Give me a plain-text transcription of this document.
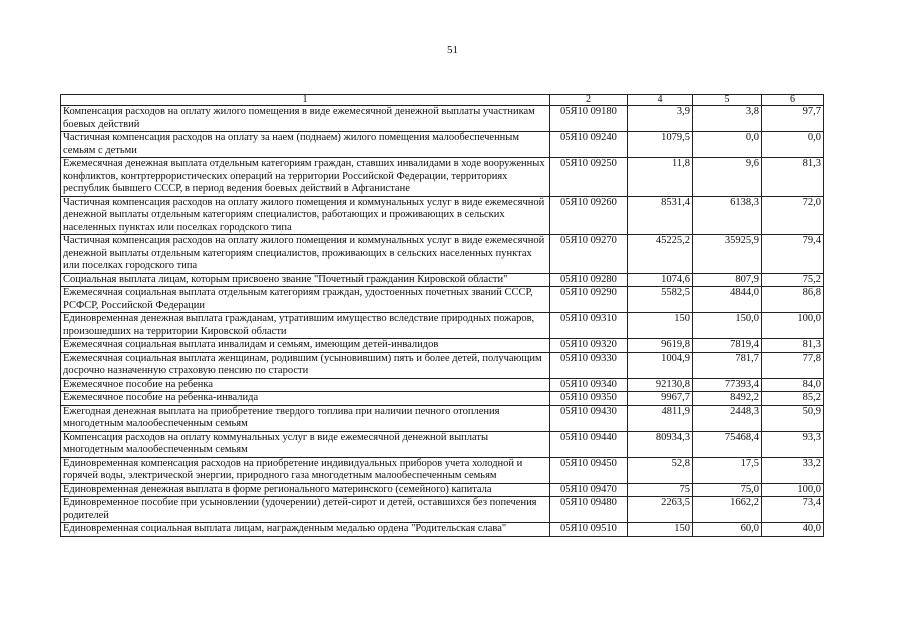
51
1	2	4	5	6
Компенсация расходов на оплату жилого помещения в виде ежемесячной денежной выплаты участникам боевых действий	05Я10 09180	3,9	3,8	97,7
Частичная компенсация расходов на оплату за наем (поднаем) жилого помещения малообеспеченным семьям с детьми	05Я10 09240	1079,5	0,0	0,0
Ежемесячная денежная выплата отдельным категориям граждан, ставших инвалидами в ходе вооруженных конфликтов, контртеррористических операций на территории Российской Федерации, территориях республик бывшего СССР, в период ведения боевых действий в Афганистане	05Я10 09250	11,8	9,6	81,3
Частичная компенсация расходов на оплату жилого помещения и коммунальных услуг в виде ежемесячной денежной выплаты отдельным категориям специалистов, работающих и проживающих в сельских населенных пунктах или поселках городского типа	05Я10 09260	8531,4	6138,3	72,0
Частичная компенсация расходов на оплату жилого помещения и коммунальных услуг в виде ежемесячной денежной выплаты отдельным категориям специалистов, проживающих в сельских населенных пунктах или поселках городского типа	05Я10 09270	45225,2	35925,9	79,4
Социальная выплата лицам, которым присвоено звание "Почетный гражданин Кировской области"	05Я10 09280	1074,6	807,9	75,2
Ежемесячная социальная выплата отдельным категориям граждан, удостоенных почетных званий СССР, РСФСР, Российской Федерации	05Я10 09290	5582,5	4844,0	86,8
Единовременная денежная выплата гражданам, утратившим имущество вследствие природных пожаров, произошедших на территории Кировской области	05Я10 09310	150	150,0	100,0
Ежемесячная социальная выплата инвалидам и семьям, имеющим детей-инвалидов	05Я10 09320	9619,8	7819,4	81,3
Ежемесячная социальная выплата женщинам, родившим (усыновившим) пять и более детей, получающим досрочно назначенную страховую пенсию по старости	05Я10 09330	1004,9	781,7	77,8
Ежемесячное пособие на ребенка	05Я10 09340	92130,8	77393,4	84,0
Ежемесячное пособие на ребенка-инвалида	05Я10 09350	9967,7	8492,2	85,2
Ежегодная денежная выплата на приобретение твердого топлива при наличии печного отопления многодетным малообеспеченным семьям	05Я10 09430	4811,9	2448,3	50,9
Компенсация расходов на оплату коммунальных услуг в виде ежемесячной денежной выплаты многодетным малообеспеченным семьям	05Я10 09440	80934,3	75468,4	93,3
Единовременная компенсация расходов на приобретение индивидуальных приборов учета холодной и горячей воды, электрической энергии, природного газа многодетным малообеспеченным семьям	05Я10 09450	52,8	17,5	33,2
Единовременная денежная выплата в форме регионального материнского (семейного) капитала	05Я10 09470	75	75,0	100,0
Единовременное пособие при усыновлении (удочерении) детей-сирот и детей, оставшихся без попечения родителей	05Я10 09480	2263,5	1662,2	73,4
Единовременная социальная выплата лицам, награжденным медалью ордена "Родительская слава"	05Я10 09510	150	60,0	40,0
